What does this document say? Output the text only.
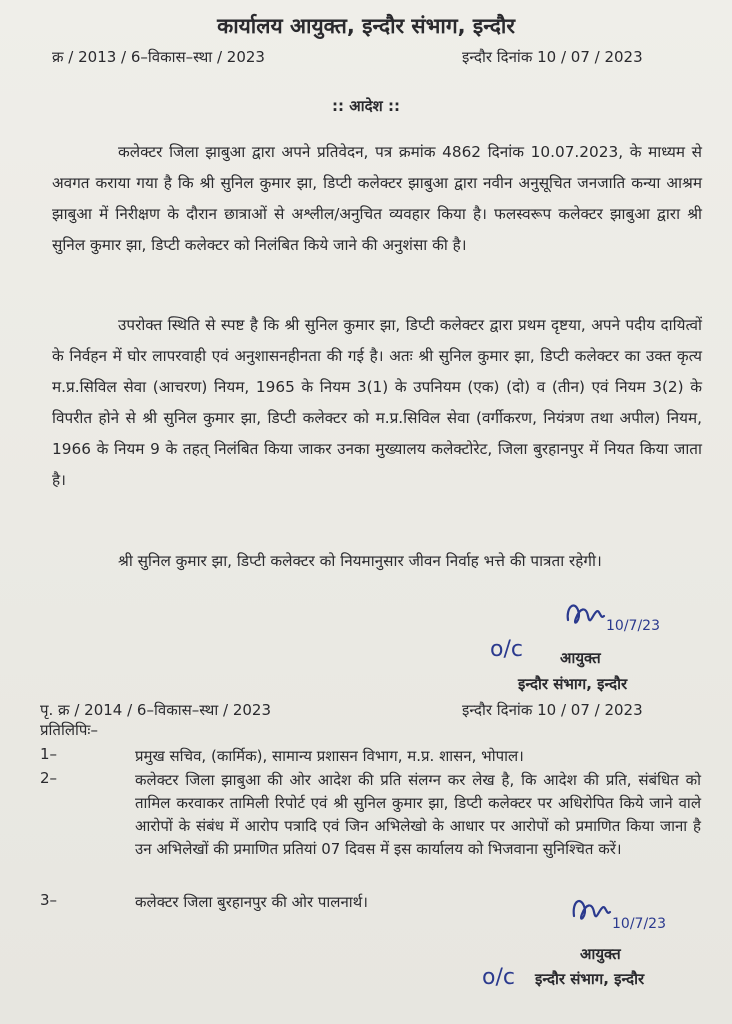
कार्यालय आयुक्त, इन्दौर संभाग, इन्दौर
क्र / 2013 / 6–विकास–स्था / 2023	इन्दौर दिनांक 10 / 07 / 2023
:: आदेश ::
कलेक्टर जिला झाबुआ द्वारा अपने प्रतिवेदन, पत्र क्रमांक 4862 दिनांक 10.07.2023, के माध्यम से अवगत कराया गया है कि श्री सुनिल कुमार झा, डिप्टी कलेक्टर झाबुआ द्वारा नवीन अनुसूचित जनजाति कन्या आश्रम झाबुआ में निरीक्षण के दौरान छात्राओं से अश्लील/अनुचित व्यवहार किया है। फलस्वरूप कलेक्टर झाबुआ द्वारा श्री सुनिल कुमार झा, डिप्टी कलेक्टर को निलंबित किये जाने की अनुशंसा की है।
उपरोक्त स्थिति से स्पष्ट है कि श्री सुनिल कुमार झा, डिप्टी कलेक्टर द्वारा प्रथम दृष्टया, अपने पदीय दायित्वों के निर्वहन में घोर लापरवाही एवं अनुशासनहीनता की गई है। अतः श्री सुनिल कुमार झा, डिप्टी कलेक्टर का उक्त कृत्य म.प्र.सिविल सेवा (आचरण) नियम, 1965 के नियम 3(1) के उपनियम (एक) (दो) व (तीन) एवं नियम 3(2) के विपरीत होने से श्री सुनिल कुमार झा, डिप्टी कलेक्टर को म.प्र.सिविल सेवा (वर्गीकरण, नियंत्रण तथा अपील) नियम, 1966 के नियम 9 के तहत् निलंबित किया जाकर उनका मुख्यालय कलेक्टोरेट, जिला बुरहानपुर में नियत किया जाता है।
श्री सुनिल कुमार झा, डिप्टी कलेक्टर को नियमानुसार जीवन निर्वाह भत्ते की पात्रता रहेगी।
10/7/23
o/c आयुक्त
इन्दौर संभाग, इन्दौर
पृ. क्र / 2014 / 6–विकास–स्था / 2023	इन्दौर दिनांक 10 / 07 / 2023
प्रतिलिपिः–
1–	प्रमुख सचिव, (कार्मिक), सामान्य प्रशासन विभाग, म.प्र. शासन, भोपाल।
2–	कलेक्टर जिला झाबुआ की ओर आदेश की प्रति संलग्न कर लेख है, कि आदेश की प्रति, संबंधित को तामिल करवाकर तामिली रिपोर्ट एवं श्री सुनिल कुमार झा, डिप्टी कलेक्टर पर अधिरोपित किये जाने वाले आरोपों के संबंध में आरोप पत्रादि एवं जिन अभिलेखो के आधार पर आरोपों को प्रमाणित किया जाना है उन अभिलेखों की प्रमाणित प्रतियां 07 दिवस में इस कार्यालय को भिजवाना सुनिश्चित करें।
3–	कलेक्टर जिला बुरहानपुर की ओर पालनार्थ।
10/7/23
o/c
आयुक्त
इन्दौर संभाग, इन्दौर
